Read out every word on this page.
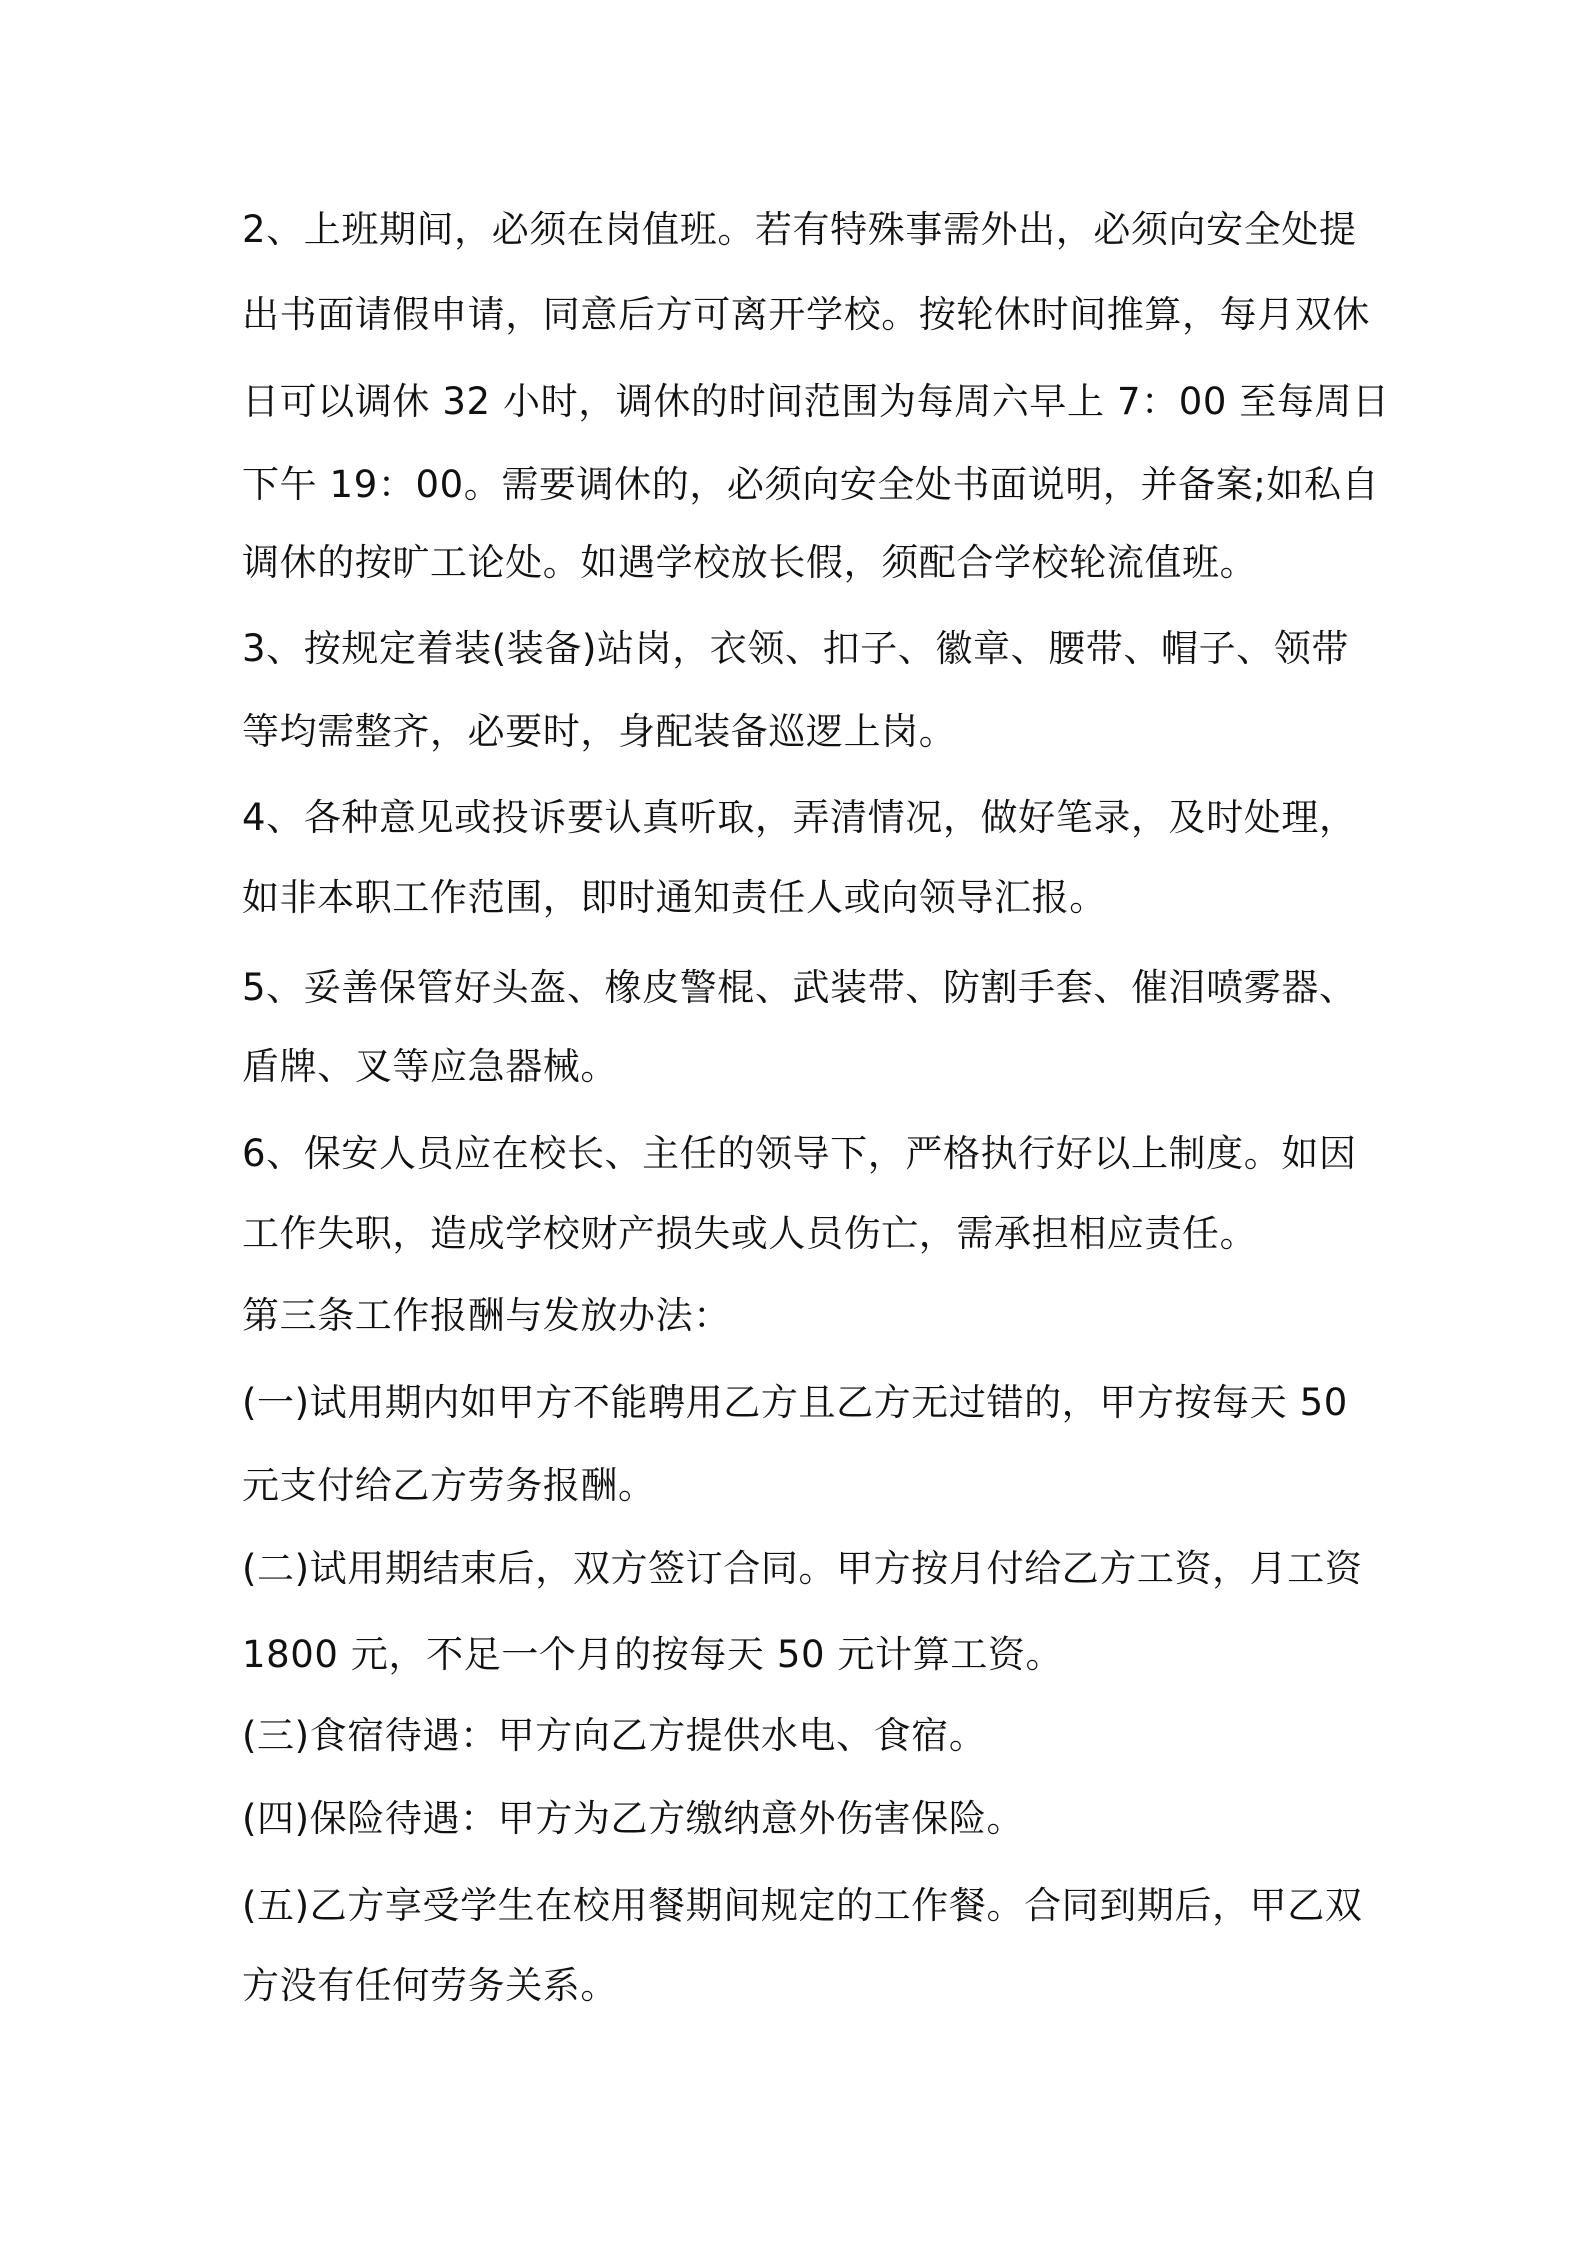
2、上班期间，必须在岗值班。若有特殊事需外出，必须向安全处提
出书面请假申请，同意后方可离开学校。按轮休时间推算，每月双休
日可以调休 32 小时，调休的时间范围为每周六早上 7：00 至每周日
下午 19：00。需要调休的，必须向安全处书面说明，并备案;如私自
调休的按旷工论处。如遇学校放长假，须配合学校轮流值班。
3、按规定着装(装备)站岗，衣领、扣子、徽章、腰带、帽子、领带
等均需整齐，必要时，身配装备巡逻上岗。
4、各种意见或投诉要认真听取，弄清情况，做好笔录，及时处理，
如非本职工作范围，即时通知责任人或向领导汇报。
5、妥善保管好头盔、橡皮警棍、武装带、防割手套、催泪喷雾器、
盾牌、叉等应急器械。
6、保安人员应在校长、主任的领导下，严格执行好以上制度。如因
工作失职，造成学校财产损失或人员伤亡，需承担相应责任。
第三条工作报酬与发放办法：
(一)试用期内如甲方不能聘用乙方且乙方无过错的，甲方按每天 50
元支付给乙方劳务报酬。
(二)试用期结束后，双方签订合同。甲方按月付给乙方工资，月工资
1800 元，不足一个月的按每天 50 元计算工资。
(三)食宿待遇：甲方向乙方提供水电、食宿。
(四)保险待遇：甲方为乙方缴纳意外伤害保险。
(五)乙方享受学生在校用餐期间规定的工作餐。合同到期后，甲乙双
方没有任何劳务关系。
